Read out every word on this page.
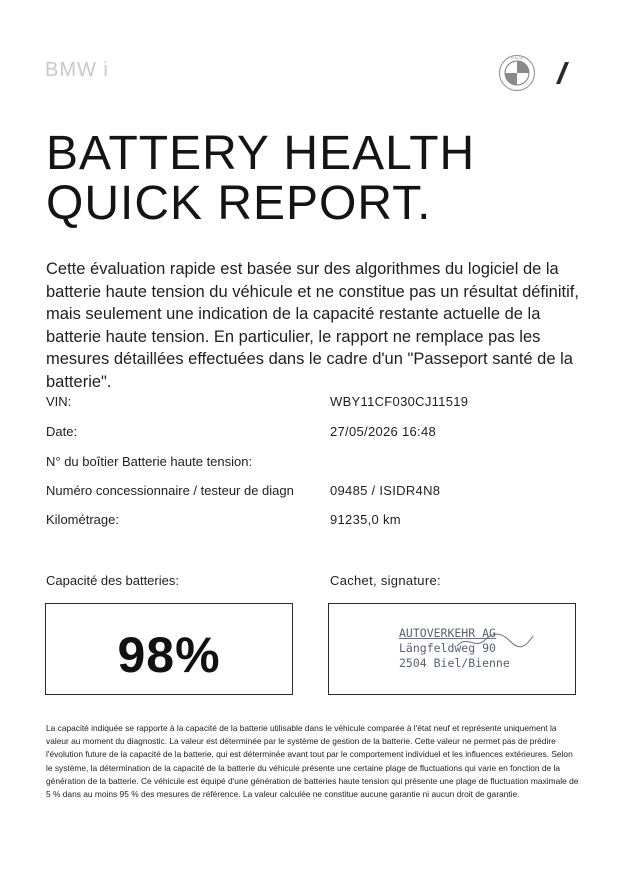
BMW i
B M W
BATTERY HEALTH
QUICK REPORT.

Cette évaluation rapide est basée sur des algorithmes du logiciel de la batterie haute tension du véhicule et ne constitue pas un résultat définitif, mais seulement une indication de la capacité restante actuelle de la batterie haute tension. En particulier, le rapport ne remplace pas les mesures détaillées effectuées dans le cadre d'un "Passeport santé de la batterie".

VIN:	WBY11CF030CJ11519
Date:	27/05/2026 16:48
N° du boîtier Batterie haute tension:
Numéro concessionnaire / testeur de diagn	09485 / ISIDR4N8
Kilométrage:	91235,0 km
Capacité des batteries:	Cachet, signature:
98%	AUTOVERKEHR AG
Längfeldweg 90
2504 Biel/Bienne

La capacité indiquée se rapporte à la capacité de la batterie utilisable dans le véhicule comparée à l'état neuf et représente uniquement la valeur au moment du diagnostic. La valeur est déterminée par le système de gestion de la batterie. Cette valeur ne permet pas de prédire l'évolution future de la capacité de la batterie, qui est déterminée avant tout par le comportement individuel et les influences extérieures. Selon le système, la détermination de la capacité de la batterie du véhicule présente une certaine plage de fluctuations qui varie en fonction de la génération de la batterie. Ce véhicule est équipé d'une génération de batteries haute tension qui présente une plage de fluctuation maximale de 5 % dans au moins 95 % des mesures de référence. La valeur calculée ne constitue aucune garantie ni aucun droit de garantie.
